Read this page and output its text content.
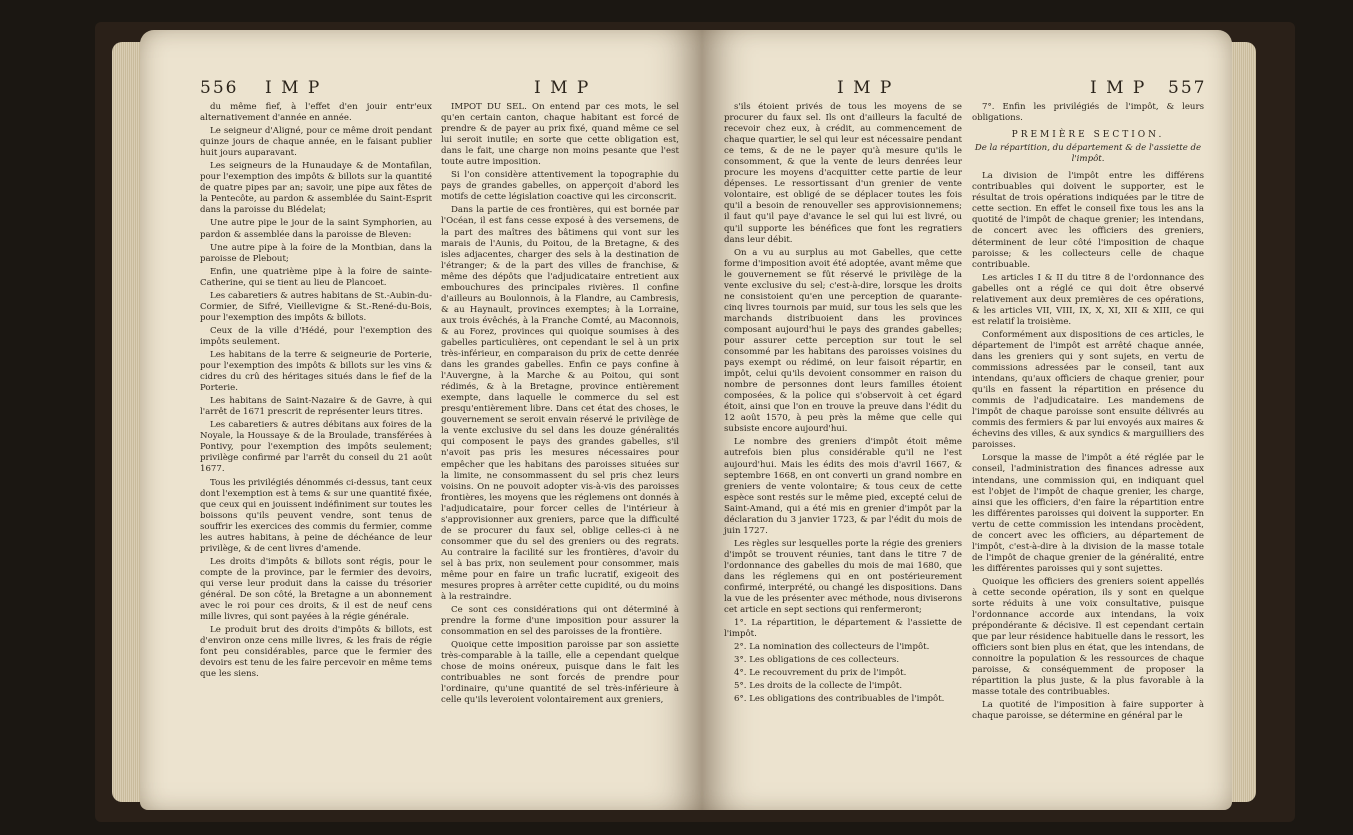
556 I M P	I M P

du même fief, à l'effet d'en jouir entr'eux alternativement d'année en année.

Le seigneur d'Aligné, pour ce même droit pendant quinze jours de chaque année, en le faisant publier huit jours auparavant.

Les seigneurs de la Hunaudaye & de Montafilan, pour l'exemption des impôts & billots sur la quantité de quatre pipes par an; savoir, une pipe aux fêtes de la Pentecôte, au pardon & assemblée du Saint-Esprit dans la paroisse du Blédelat;

Une autre pipe le jour de la saint Symphorien, au pardon & assemblée dans la paroisse de Bleven:

Une autre pipe à la foire de la Montbian, dans la paroisse de Plebout;

Enfin, une quatrième pipe à la foire de sainte-Catherine, qui se tient au lieu de Plancoet.

Les cabaretiers & autres habitans de St.-Aubin-du-Cormier, de Sifré, Vieillevigne & St.-René-du-Bois, pour l'exemption des impôts & billots.

Ceux de la ville d'Hédé, pour l'exemption des impôts seulement.

Les habitans de la terre & seigneurie de Porterie, pour l'exemption des impôts & billots sur les vins & cidres du crû des héritages situés dans le fief de la Porterie.

Les habitans de Saint-Nazaire & de Gavre, à qui l'arrêt de 1671 prescrit de représenter leurs titres.

Les cabaretiers & autres débitans aux foires de la Noyale, la Houssaye & de la Broulade, transférées à Pontivy, pour l'exemption des impôts seulement; privilège confirmé par l'arrêt du conseil du 21 août 1677.

Tous les privilégiés dénommés ci-dessus, tant ceux dont l'exemption est à tems & sur une quantité fixée, que ceux qui en jouissent indéfiniment sur toutes les boissons qu'ils peuvent vendre, sont tenus de souffrir les exercices des commis du fermier, comme les autres habitans, à peine de déchéance de leur privilège, & de cent livres d'amende.

Les droits d'impôts & billots sont régis, pour le compte de la province, par le fermier des devoirs, qui verse leur produit dans la caisse du trésorier général. De son côté, la Bretagne a un abonnement avec le roi pour ces droits, & il est de neuf cens mille livres, qui sont payées à la régie générale.

Le produit brut des droits d'impôts & billots, est d'environ onze cens mille livres, & les frais de régie font peu considérables, parce que le fermier des devoirs est tenu de les faire percevoir en même tems que les siens.

IMPOT DU SEL. On entend par ces mots, le sel qu'en certain canton, chaque habitant est forcé de prendre & de payer au prix fixé, quand même ce sel lui seroit inutile; en sorte que cette obligation est, dans le fait, une charge non moins pesante que l'est toute autre imposition.

Si l'on considère attentivement la topographie du pays de grandes gabelles, on apperçoit d'abord les motifs de cette législation coactive qui les circonscrit.

Dans la partie de ces frontières, qui est bornée par l'Océan, il est fans cesse exposé à des versemens, de la part des maîtres des bâtimens qui vont sur les marais de l'Aunis, du Poitou, de la Bretagne, & des isles adjacentes, charger des sels à la destination de l'étranger; & de la part des villes de franchise, & même des dépôts que l'adjudicataire entretient aux embouchures des principales rivières. Il confine d'ailleurs au Boulonnois, à la Flandre, au Cambresis, & au Haynault, provinces exemptes; à la Lorraine, aux trois évêchés, à la Franche Comté, au Maconnois, & au Forez, provinces qui quoique soumises à des gabelles particulières, ont cependant le sel à un prix très-inférieur, en comparaison du prix de cette denrée dans les grandes gabelles. Enfin ce pays confine à l'Auvergne, à la Marche & au Poitou, qui sont rédimés, & à la Bretagne, province entièrement exempte, dans laquelle le commerce du sel est presqu'entièrement libre. Dans cet état des choses, le gouvernement se seroit envain réservé le privilège de la vente exclusive du sel dans les douze généralités qui composent le pays des grandes gabelles, s'il n'avoit pas pris les mesures nécessaires pour empêcher que les habitans des paroisses situées sur la limite, ne consommassent du sel pris chez leurs voisins. On ne pouvoit adopter vis-à-vis des paroisses frontières, les moyens que les réglemens ont donnés à l'adjudicataire, pour forcer celles de l'intérieur à s'approvisionner aux greniers, parce que la difficulté de se procurer du faux sel, oblige celles-ci à ne consommer que du sel des greniers ou des regrats. Au contraire la facilité sur les frontières, d'avoir du sel à bas prix, non seulement pour consommer, mais même pour en faire un trafic lucratif, exigeoit des mesures propres à arrêter cette cupidité, ou du moins à la restraindre.

Ce sont ces considérations qui ont déterminé à prendre la forme d'une imposition pour assurer la consommation en sel des paroisses de la frontière.

Quoique cette imposition paroisse par son assiette très-comparable à la taille, elle a cependant quelque chose de moins onéreux, puisque dans le fait les contribuables ne sont forcés de prendre pour l'ordinaire, qu'une quantité de sel très-inférieure à celle qu'ils leveroient volontairement aux greniers,

I M P	I M P 557

s'ils étoient privés de tous les moyens de se procurer du faux sel. Ils ont d'ailleurs la faculté de recevoir chez eux, à crédit, au commencement de chaque quartier, le sel qui leur est nécessaire pendant ce tems, & de ne le payer qu'à mesure qu'ils le consomment, & que la vente de leurs denrées leur procure les moyens d'acquitter cette partie de leur dépenses. Le ressortissant d'un grenier de vente volontaire, est obligé de se déplacer toutes les fois qu'il a besoin de renouveller ses approvisionnemens; il faut qu'il paye d'avance le sel qui lui est livré, ou qu'il supporte les bénéfices que font les regratiers dans leur débit.

On a vu au surplus au mot Gabelles, que cette forme d'imposition avoit été adoptée, avant même que le gouvernement se fût réservé le privilège de la vente exclusive du sel; c'est-à-dire, lorsque les droits ne consistoient qu'en une perception de quarante-cinq livres tournois par muid, sur tous les sels que les marchands distribuoient dans les provinces composant aujourd'hui le pays des grandes gabelles; pour assurer cette perception sur tout le sel consommé par les habitans des paroisses voisines du pays exempt ou rédimé, on leur faisoit répartir, en impôt, celui qu'ils devoient consommer en raison du nombre de personnes dont leurs familles étoient composées, & la police qui s'observoit à cet égard étoit, ainsi que l'on en trouve la preuve dans l'édit du 12 août 1570, à peu près la même que celle qui subsiste encore aujourd'hui.

Le nombre des greniers d'impôt étoit même autrefois bien plus considérable qu'il ne l'est aujourd'hui. Mais les édits des mois d'avril 1667, & septembre 1668, en ont converti un grand nombre en greniers de vente volontaire; & tous ceux de cette espèce sont restés sur le même pied, excepté celui de Saint-Amand, qui a été mis en grenier d'impôt par la déclaration du 3 janvier 1723, & par l'édit du mois de juin 1727.

Les règles sur lesquelles porte la régie des greniers d'impôt se trouvent réunies, tant dans le titre 7 de l'ordonnance des gabelles du mois de mai 1680, que dans les réglemens qui en ont postérieurement confirmé, interprété, ou changé les dispositions. Dans la vue de les présenter avec méthode, nous diviserons cet article en sept sections qui renfermeront;

1°. La répartition, le département & l'assiette de l'impôt.

2°. La nomination des collecteurs de l'impôt.

3°. Les obligations de ces collecteurs.

4°. Le recouvrement du prix de l'impôt.

5°. Les droits de la collecte de l'impôt.

6°. Les obligations des contribuables de l'impôt.

7°. Enfin les privilégiés de l'impôt, & leurs obligations.

PREMIÈRE SECTION.

De la répartition, du département & de l'assiette de l'impôt.

La division de l'impôt entre les différens contribuables qui doivent le supporter, est le résultat de trois opérations indiquées par le titre de cette section. En effet le conseil fixe tous les ans la quotité de l'impôt de chaque grenier; les intendans, de concert avec les officiers des greniers, déterminent de leur côté l'imposition de chaque paroisse; & les collecteurs celle de chaque contribuable.

Les articles I & II du titre 8 de l'ordonnance des gabelles ont a réglé ce qui doit être observé relativement aux deux premières de ces opérations, & les articles VII, VIII, IX, X, XI, XII & XIII, ce qui est relatif la troisième.

Conformément aux dispositions de ces articles, le département de l'impôt est arrêté chaque année, dans les greniers qui y sont sujets, en vertu de commissions adressées par le conseil, tant aux intendans, qu'aux officiers de chaque grenier, pour qu'ils en fassent la répartition en présence du commis de l'adjudicataire. Les mandemens de l'impôt de chaque paroisse sont ensuite délivrés au commis des fermiers & par lui envoyés aux maires & échevins des villes, & aux syndics & marguilliers des paroisses.

Lorsque la masse de l'impôt a été réglée par le conseil, l'administration des finances adresse aux intendans, une commission qui, en indiquant quel est l'objet de l'impôt de chaque grenier, les charge, ainsi que les officiers, d'en faire la répartition entre les différentes paroisses qui doivent la supporter. En vertu de cette commission les intendans procèdent, de concert avec les officiers, au département de l'impôt, c'est-à-dire à la division de la masse totale de l'impôt de chaque grenier de la généralité, entre les différentes paroisses qui y sont sujettes.

Quoique les officiers des greniers soient appellés à cette seconde opération, ils y sont en quelque sorte réduits à une voix consultative, puisque l'ordonnance accorde aux intendans, la voix prépondérante & décisive. Il est cependant certain que par leur résidence habituelle dans le ressort, les officiers sont bien plus en état, que les intendans, de connoitre la population & les ressources de chaque paroisse, & conséquemment de proposer la répartition la plus juste, & la plus favorable à la masse totale des contribuables.

La quotité de l'imposition à faire supporter à chaque paroisse, se détermine en général par le
